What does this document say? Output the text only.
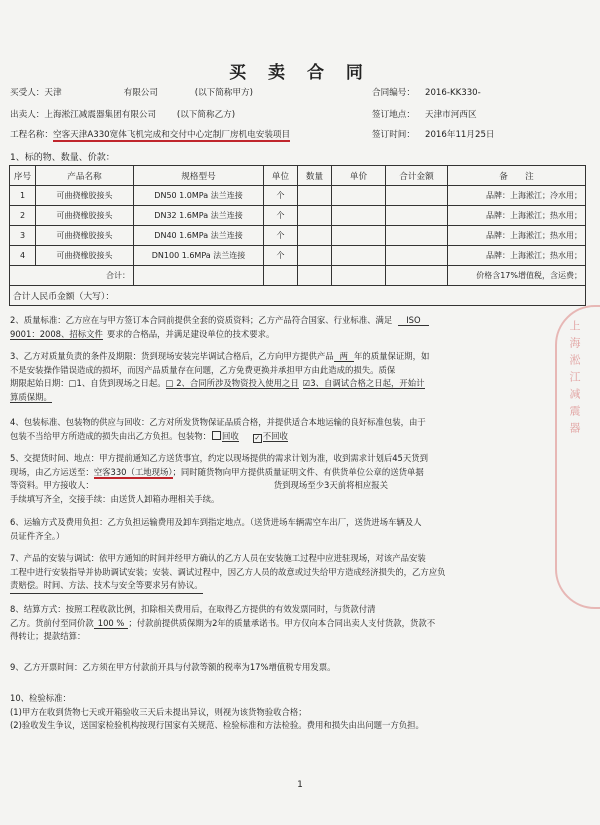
买 卖 合 同
买受人：天津	有限公司	(以下简称甲方)
出卖人：上海淞江减震器集团有限公司 (以下简称乙方)
工程名称：空客天津A330宽体飞机完成和交付中心定制厂房机电安装项目
合同编号： 2016-KK330-
签订地点： 天津市河西区
签订时间： 2016年11月25日
1、标的物、数量、价款：
序号	产品名称	规格型号	单位	数量	单价	合计金额	备　　注
1	可曲挠橡胶接头	DN50 1.0MPa 法兰连接	个				品牌：上海淞江；冷水用；
2	可曲挠橡胶接头	DN32 1.6MPa 法兰连接	个				品牌：上海淞江；热水用；
3	可曲挠橡胶接头	DN40 1.6MPa 法兰连接	个				品牌：上海淞江；热水用；
4	可曲挠橡胶接头	DN100 1.6MPa 法兰连接	个				品牌：上海淞江；热水用；
合计：							价格含17%增值税，含运费；
合计人民币金额（大写）：							

2、质量标准：乙方应在与甲方签订本合同前提供全套的资质资料；乙方产品符合国家、行业标准、满足 ISO

9001：2008、招标文件 要求的合格品，并满足建设单位的技术要求。

3、乙方对质量负责的条件及期限：货到现场安装完毕调试合格后，乙方向甲方提供产品 两 年的质量保证期，如

不是安装操作错误造成的损坏，而因产品质量存在问题，乙方免费更换并承担甲方由此造成的损失。质保

期限起始日期：□1、自货到现场之日起。□ 2、合同所涉及物资投入使用之日 ☑3、自调试合格之日起，开始计

算质保期。

4、包装标准、包装物的供应与回收：乙方对所发货物保证品质合格，并提供适合本地运输的良好标准包装，由于

包装不当给甲方所造成的损失由出乙方负担。包装物： 回收 ✓ 不回收

5、交提货时间、地点：甲方提前通知乙方送货事宜，约定以现场提供的需求计划为准，收到需求计划后45天货到

现场，由乙方运送至：空客330（工地现场）；同时随货物向甲方提供质量证明文件、有供货单位公章的送货单据

等资料。甲方接收人：	货到现场至少3天前将相应报关

手续填写齐全，交接手续：由送货人卸箱办理相关手续。

6、运输方式及费用负担：乙方负担运输费用及卸车到指定地点。（送货进场车辆需空车出厂，送货进场车辆及人

员证件齐全。）

7、产品的安装与调试：依甲方通知的时间并经甲方确认的乙方人员在安装施工过程中应进驻现场，对该产品安装

工程中进行安装指导并协助调试安装；安装、调试过程中，因乙方人员的故意或过失给甲方造成经济损失的，乙方应负

责赔偿。时间、方法、技术与安全等要求另有协议。

8、结算方式：按照工程收款比例，扣除相关费用后，在取得乙方提供的有效发票同时，与货款付清

乙方。货前付至同价款 100 % ；付款前提供质保期为2年的质量承诺书。甲方仅向本合同出卖人支付货款，货款不

得转让；提款结算：

9、乙方开票时间：乙方须在甲方付款前开具与付款等额的税率为17%增值税专用发票。

10、检验标准：

(1)甲方在收到货物七天或开箱验收三天后未提出异议，则视为该货物验收合格；

(2)验收发生争议，送国家检验机构按现行国家有关规范、检验标准和方法检验。费用和损失由出问题一方负担。

上海淞江减震器
1
